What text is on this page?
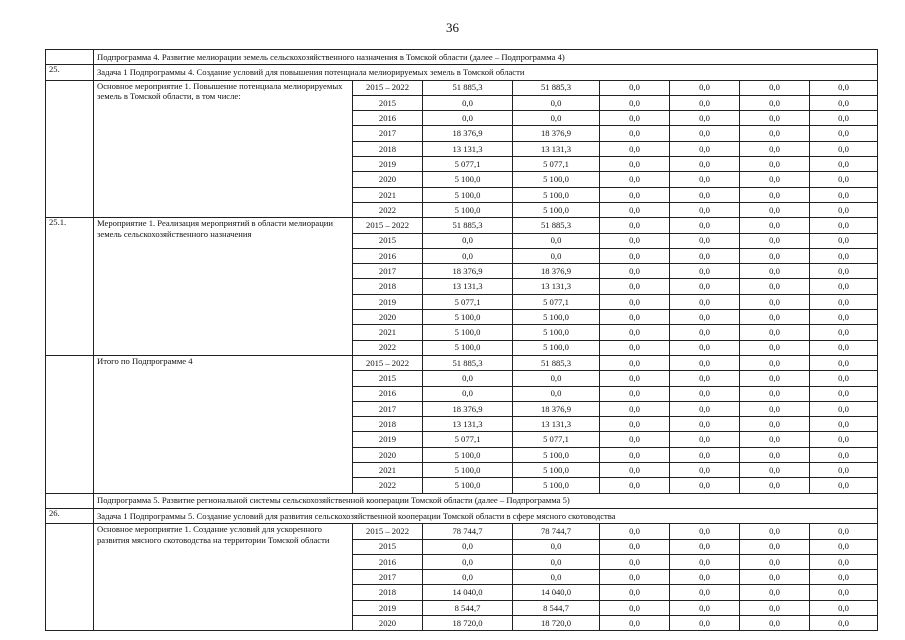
36
	Подпрограмма 4. Развитие мелиорации земель сельскохозяйственного назначения в Томской области (далее – Подпрограмма 4)							
25.	Задача 1 Подпрограммы 4. Создание условий для повышения потенциала мелиорируемых земель в Томской области							
	Основное мероприятие 1. Повышение потенциала мелиорируемых земель в Томской области, в том числе:	2015 – 2022	51 885,3	51 885,3	0,0	0,0	0,0	0,0
		2015	0,0	0,0	0,0	0,0	0,0	0,0
		2016	0,0	0,0	0,0	0,0	0,0	0,0
		2017	18 376,9	18 376,9	0,0	0,0	0,0	0,0
		2018	13 131,3	13 131,3	0,0	0,0	0,0	0,0
		2019	5 077,1	5 077,1	0,0	0,0	0,0	0,0
		2020	5 100,0	5 100,0	0,0	0,0	0,0	0,0
		2021	5 100,0	5 100,0	0,0	0,0	0,0	0,0
		2022	5 100,0	5 100,0	0,0	0,0	0,0	0,0
25.1.	Мероприятие 1. Реализация мероприятий в области мелиорации земель сельскохозяйственного назначения	2015 – 2022	51 885,3	51 885,3	0,0	0,0	0,0	0,0
		2015	0,0	0,0	0,0	0,0	0,0	0,0
		2016	0,0	0,0	0,0	0,0	0,0	0,0
		2017	18 376,9	18 376,9	0,0	0,0	0,0	0,0
		2018	13 131,3	13 131,3	0,0	0,0	0,0	0,0
		2019	5 077,1	5 077,1	0,0	0,0	0,0	0,0
		2020	5 100,0	5 100,0	0,0	0,0	0,0	0,0
		2021	5 100,0	5 100,0	0,0	0,0	0,0	0,0
		2022	5 100,0	5 100,0	0,0	0,0	0,0	0,0
	Итого по Подпрограмме 4	2015 – 2022	51 885,3	51 885,3	0,0	0,0	0,0	0,0
		2015	0,0	0,0	0,0	0,0	0,0	0,0
		2016	0,0	0,0	0,0	0,0	0,0	0,0
		2017	18 376,9	18 376,9	0,0	0,0	0,0	0,0
		2018	13 131,3	13 131,3	0,0	0,0	0,0	0,0
		2019	5 077,1	5 077,1	0,0	0,0	0,0	0,0
		2020	5 100,0	5 100,0	0,0	0,0	0,0	0,0
		2021	5 100,0	5 100,0	0,0	0,0	0,0	0,0
		2022	5 100,0	5 100,0	0,0	0,0	0,0	0,0
	Подпрограмма 5. Развитие региональной системы сельскохозяйственной кооперации Томской области (далее – Подпрограмма 5)							
26.	Задача 1 Подпрограммы 5. Создание условий для развития сельскохозяйственной кооперации Томской области в сфере мясного скотоводства							
	Основное мероприятие 1. Создание условий для ускоренного развития мясного скотоводства на территории Томской области	2015 – 2022	78 744,7	78 744,7	0,0	0,0	0,0	0,0
		2015	0,0	0,0	0,0	0,0	0,0	0,0
		2016	0,0	0,0	0,0	0,0	0,0	0,0
		2017	0,0	0,0	0,0	0,0	0,0	0,0
		2018	14 040,0	14 040,0	0,0	0,0	0,0	0,0
		2019	8 544,7	8 544,7	0,0	0,0	0,0	0,0
		2020	18 720,0	18 720,0	0,0	0,0	0,0	0,0
